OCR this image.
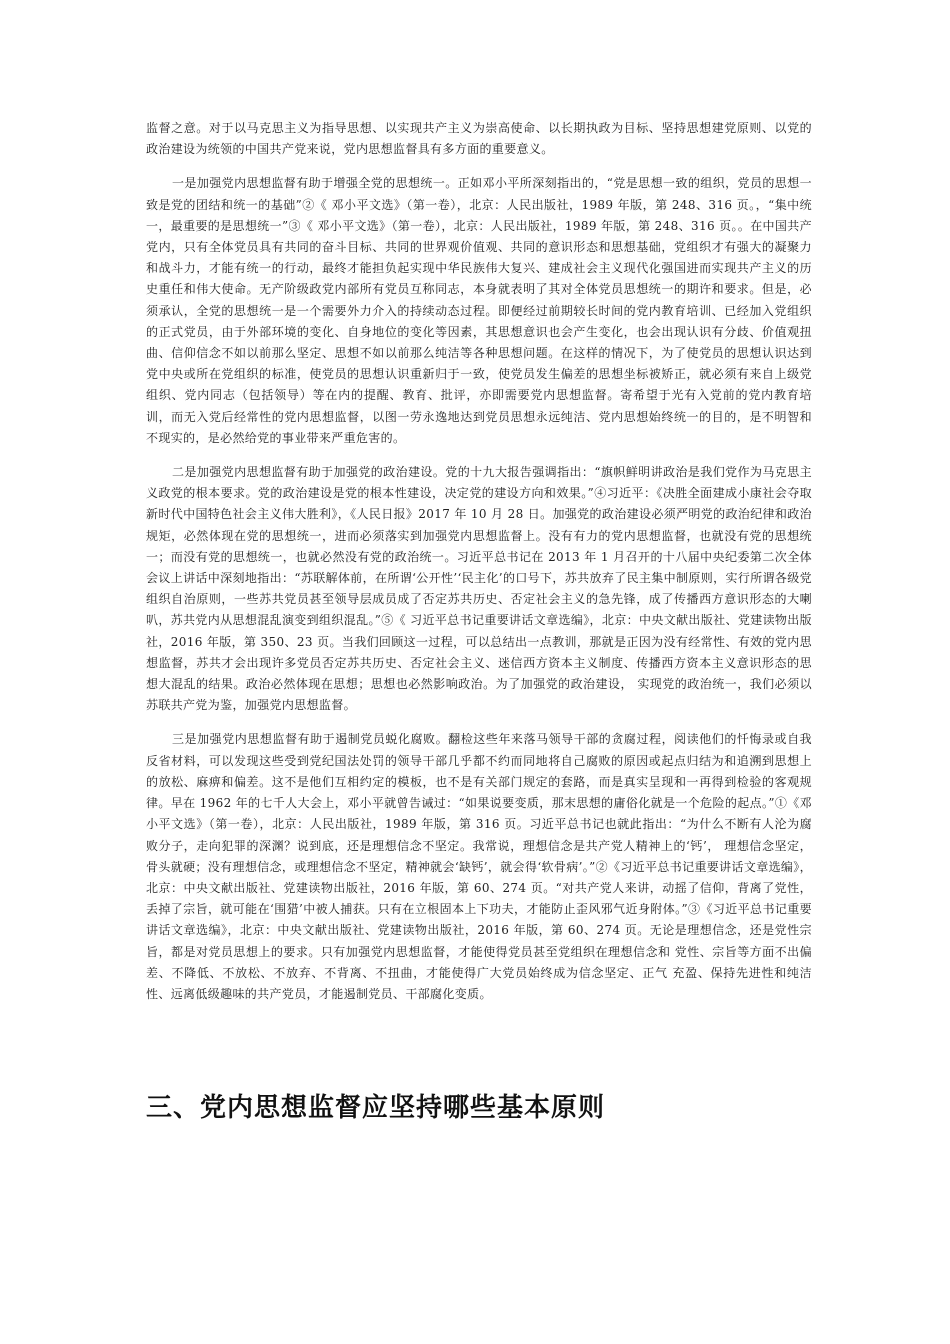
监督之意。对于以马克思主义为指导思想、以实现共产主义为崇高使命、以长期执政为目标、坚持思想建党原则、以党的政治建设为统领的中国共产党来说，党内思想监督具有多方面的重要意义。

一是加强党内思想监督有助于增强全党的思想统一。正如邓小平所深刻指出的，“党是思想一致的组织，党员的思想一致是党的团结和统一的基础”②《 邓小平文选》（第一卷），北京：人民出版社，1989 年版，第 248、316 页。，“集中统一，最重要的是思想统一”③《 邓小平文选》（第一卷），北京：人民出版社，1989 年版，第 248、316 页。。在中国共产党内，只有全体党员具有共同的奋斗目标、共同的世界观价值观、共同的意识形态和思想基础，党组织才有强大的凝聚力和战斗力，才能有统一的行动，最终才能担负起实现中华民族伟大复兴、建成社会主义现代化强国进而实现共产主义的历史重任和伟大使命。无产阶级政党内部所有党员互称同志，本身就表明了其对全体党员思想统一的期许和要求。但是，必须承认，全党的思想统一是一个需要外力介入的持续动态过程。即便经过前期较长时间的党内教育培训、已经加入党组织的正式党员，由于外部环境的变化、自身地位的变化等因素，其思想意识也会产生变化，也会出现认识有分歧、价值观扭曲、信仰信念不如以前那么坚定、思想不如以前那么纯洁等各种思想问题。在这样的情况下，为了使党员的思想认识达到党中央或所在党组织的标准，使党员的思想认识重新归于一致，使党员发生偏差的思想坐标被矫正，就必须有来自上级党组织、党内同志（包括领导）等在内的提醒、教育、批评，亦即需要党内思想监督。寄希望于光有入党前的党内教育培训，而无入党后经常性的党内思想监督，以图一劳永逸地达到党员思想永远纯洁、党内思想始终统一的目的，是不明智和不现实的，是必然给党的事业带来严重危害的。

二是加强党内思想监督有助于加强党的政治建设。党的十九大报告强调指出：“旗帜鲜明讲政治是我们党作为马克思主义政党的根本要求。党的政治建设是党的根本性建设，决定党的建设方向和效果。”④习近平：《决胜全面建成小康社会夺取新时代中国特色社会主义伟大胜利》，《人民日报》2017 年 10 月 28 日。加强党的政治建设必须严明党的政治纪律和政治规矩，必然体现在党的思想统一，进而必须落实到加强党内思想监督上。没有有力的党内思想监督，也就没有党的思想统一；而没有党的思想统一，也就必然没有党的政治统一。习近平总书记在 2013 年 1 月召开的十八届中央纪委第二次全体会议上讲话中深刻地指出：“苏联解体前，在所谓‘公开性’‘民主化’的口号下，苏共放弃了民主集中制原则，实行所谓各级党组织自治原则，一些苏共党员甚至领导层成员成了否定苏共历史、否定社会主义的急先锋，成了传播西方意识形态的大喇叭，苏共党内从思想混乱演变到组织混乱。”⑤《 习近平总书记重要讲话文章选编》，北京：中央文献出版社、党建读物出版社，2016 年版，第 350、23 页。当我们回顾这一过程，可以总结出一点教训，那就是正因为没有经常性、有效的党内思想监督，苏共才会出现许多党员否定苏共历史、否定社会主义、迷信西方资本主义制度、传播西方资本主义意识形态的思想大混乱的结果。政治必然体现在思想；思想也必然影响政治。为了加强党的政治建设， 实现党的政治统一，我们必须以苏联共产党为鉴，加强党内思想监督。

三是加强党内思想监督有助于遏制党员蜕化腐败。翻检这些年来落马领导干部的贪腐过程，阅读他们的忏悔录或自我反省材料，可以发现这些受到党纪国法处罚的领导干部几乎都不约而同地将自己腐败的原因或起点归结为和追溯到思想上的放松、麻痹和偏差。这不是他们互相约定的模板，也不是有关部门规定的套路，而是真实呈现和一再得到检验的客观规律。早在 1962 年的七千人大会上，邓小平就曾告诫过：“如果说要变质，那末思想的庸俗化就是一个危险的起点。”①《邓小平文选》（第一卷），北京：人民出版社，1989 年版，第 316 页。习近平总书记也就此指出：“为什么不断有人沦为腐败分子，走向犯罪的深渊？说到底，还是理想信念不坚定。我常说，理想信念是共产党人精神上的‘钙’， 理想信念坚定，骨头就硬；没有理想信念，或理想信念不坚定，精神就会‘缺钙’，就会得‘软骨病’。”②《习近平总书记重要讲话文章选编》，北京：中央文献出版社、党建读物出版社，2016 年版，第 60、274 页。“对共产党人来讲，动摇了信仰，背离了党性，丢掉了宗旨，就可能在‘围猎’中被人捕获。只有在立根固本上下功夫，才能防止歪风邪气近身附体。”③《习近平总书记重要讲话文章选编》，北京：中央文献出版社、党建读物出版社，2016 年版，第 60、274 页。无论是理想信念，还是党性宗旨，都是对党员思想上的要求。只有加强党内思想监督，才能使得党员甚至党组织在理想信念和 党性、宗旨等方面不出偏差、不降低、不放松、不放弃、不背离、不扭曲，才能使得广大党员始终成为信念坚定、正气 充盈、保持先进性和纯洁性、远离低级趣味的共产党员，才能遏制党员、干部腐化变质。

三、党内思想监督应坚持哪些基本原则
